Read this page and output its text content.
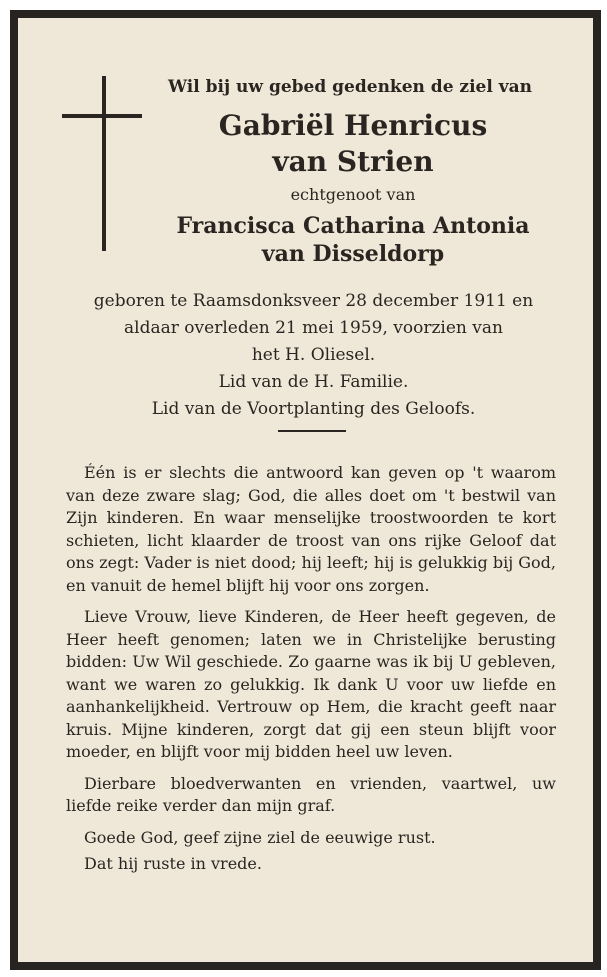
Wil bij uw gebed gedenken de ziel van
Gabriël Henricus
van Strien
echtgenoot van
Francisca Catharina Antonia
van Disseldorp
geboren te Raamsdonksveer 28 december 1911 en
aldaar overleden 21 mei 1959, voorzien van
het H. Oliesel.
Lid van de H. Familie.
Lid van de Voortplanting des Geloofs.

Één is er slechts die antwoord kan geven op 't waarom van deze zware slag; God, die alles doet om 't bestwil van Zijn kinderen. En waar menselijke troostwoorden te kort schieten, licht klaarder de troost van ons rijke Geloof dat ons zegt: Vader is niet dood; hij leeft; hij is gelukkig bij God, en vanuit de hemel blijft hij voor ons zorgen.

Lieve Vrouw, lieve Kinderen, de Heer heeft gegeven, de Heer heeft genomen; laten we in Christelijke berusting bidden: Uw Wil geschiede. Zo gaarne was ik bij U gebleven, want we waren zo gelukkig. Ik dank U voor uw liefde en aanhankelijkheid. Vertrouw op Hem, die kracht geeft naar kruis. Mijne kinderen, zorgt dat gij een steun blijft voor moeder, en blijft voor mij bidden heel uw leven.

Dierbare bloedverwanten en vrienden, vaartwel, uw liefde reike verder dan mijn graf.

Goede God, geef zijne ziel de eeuwige rust.

Dat hij ruste in vrede.
